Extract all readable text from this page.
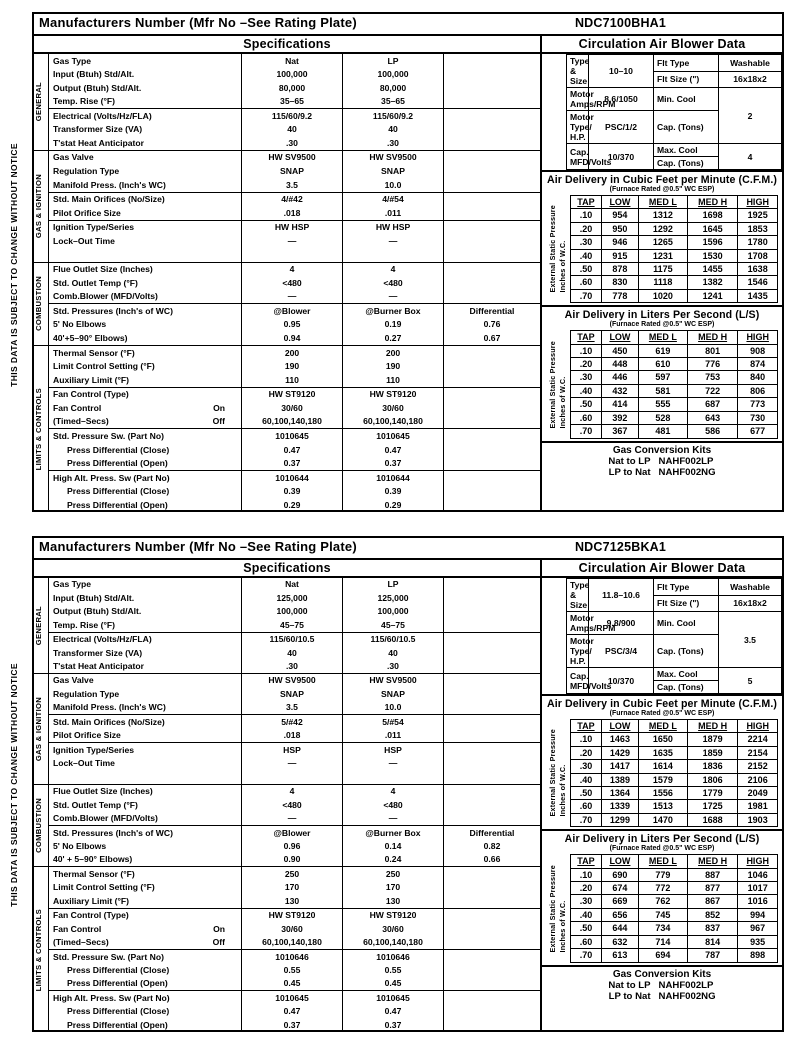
THIS DATA IS SUBJECT TO CHANGE WITHOUT NOTICE
THIS DATA IS SUBJECT TO CHANGE WITHOUT NOTICE
Manufacturers Number (Mfr No –See Rating Plate)	NDC7100BHA1
Specifications
GENERAL	Gas Type	Nat	LP	
	Input (Btuh) Std/Alt.	100,000	100,000	
	Output (Btuh) Std/Alt.	80,000	80,000	
	Temp. Rise (°F)	35–65	35–65	
	Electrical (Volts/Hz/FLA)	115/60/9.2	115/60/9.2	
	Transformer Size (VA)	40	40	
	T'stat Heat Anticipator	.30	.30	

GAS & IGNITION	Gas Valve	HW SV9500	HW SV9500	
	Regulation Type	SNAP	SNAP	
	Manifold Press. (Inch's WC)	3.5	10.0	
	Std. Main Orifices (No/Size)	4/#42	4/#54	
	Pilot Orifice Size	.018	.011	
	Ignition Type/Series	HW HSP	HW HSP	
	Lock–Out Time	—	—	

COMBUSTION	Flue Outlet Size (Inches)	4	4	
	Std. Outlet Temp (°F)	<480	<480	
	Comb.Blower (MFD/Volts)	—	—	
	Std. Pressures (Inch's of WC)	@Blower	@Burner Box	Differential
	5' No Elbows	0.95	0.19	0.76
	40'+5–90° Elbows)	0.94	0.27	0.67

LIMITS & CONTROLS	Thermal Sensor (°F)	200	200	
	Limit Control Setting (°F)	190	190	
	Auxiliary Limit (°F)	110	110	
	Fan Control (Type)	HW ST9120	HW ST9120	
	Fan Control On	30/60	30/60	
	(Timed–Secs) Off	60,100,140,180	60,100,140,180	
	Std. Pressure Sw. (Part No)	1010645	1010645	
	Press Differential (Close)	0.47	0.47	
	Press Differential (Open)	0.37	0.37	
	High Alt. Press. Sw (Part No)	1010644	1010644	
	Press Differential (Close)	0.39	0.39	
	Press Differential (Open)	0.29	0.29	
Circulation Air Blower Data
	Type & Size	10–10	Flt Type	Washable
			Flt Size (")	16x18x2
	Motor Amps/RPM	8.6/1050	Min. Cool	2
	Motor Type/ H.P.	PSC/1/2	Cap. (Tons)	
	Cap. MFD/Volts	10/370	Max. Cool	4
			Cap. (Tons)	
Air Delivery in Cubic Feet per Minute (C.F.M.)
(Furnace Rated @0.5" WC ESP)
External Static Pressure Inches of W.C.
TAP	LOW	MED L	MED H	HIGH
.10	954	1312	1698	1925
.20	950	1292	1645	1853
.30	946	1265	1596	1780
.40	915	1231	1530	1708
.50	878	1175	1455	1638
.60	830	1118	1382	1546
.70	778	1020	1241	1435
Air Delivery in Liters Per Second (L/S)
(Furnace Rated @0.5" WC ESP)
External Static Pressure Inches of W.C.
TAP	LOW	MED L	MED H	HIGH
.10	450	619	801	908
.20	448	610	776	874
.30	446	597	753	840
.40	432	581	722	806
.50	414	555	687	773
.60	392	528	643	730
.70	367	481	586	677
Gas Conversion Kits
Nat to LP	NAHF002LP
LP to Nat	NAHF002NG
Manufacturers Number (Mfr No –See Rating Plate)	NDC7125BKA1
Specifications
GENERAL	Gas Type	Nat	LP	
	Input (Btuh) Std/Alt.	125,000	125,000	
	Output (Btuh) Std/Alt.	100,000	100,000	
	Temp. Rise (°F)	45–75	45–75	
	Electrical (Volts/Hz/FLA)	115/60/10.5	115/60/10.5	
	Transformer Size (VA)	40	40	
	T'stat Heat Anticipator	.30	.30	

GAS & IGNITION	Gas Valve	HW SV9500	HW SV9500	
	Regulation Type	SNAP	SNAP	
	Manifold Press. (Inch's WC)	3.5	10.0	
	Std. Main Orifices (No/Size)	5/#42	5/#54	
	Pilot Orifice Size	.018	.011	
	Ignition Type/Series	HSP	HSP	
	Lock–Out Time	—	—	

COMBUSTION	Flue Outlet Size (Inches)	4	4	
	Std. Outlet Temp (°F)	<480	<480	
	Comb.Blower (MFD/Volts)	—	—	
	Std. Pressures (Inch's of WC)	@Blower	@Burner Box	Differential
	5' No Elbows	0.96	0.14	0.82
	40' + 5–90° Elbows)	0.90	0.24	0.66

LIMITS & CONTROLS	Thermal Sensor (°F)	250	250	
	Limit Control Setting (°F)	170	170	
	Auxiliary Limit (°F)	130	130	
	Fan Control (Type)	HW ST9120	HW ST9120	
	Fan Control On	30/60	30/60	
	(Timed–Secs) Off	60,100,140,180	60,100,140,180	
	Std. Pressure Sw. (Part No)	1010646	1010646	
	Press Differential (Close)	0.55	0.55	
	Press Differential (Open)	0.45	0.45	
	High Alt. Press. Sw (Part No)	1010645	1010645	
	Press Differential (Close)	0.47	0.47	
	Press Differential (Open)	0.37	0.37	
Circulation Air Blower Data
	Type & Size	11.8–10.6	Flt Type	Washable
			Flt Size (")	16x18x2
	Motor Amps/RPM	9.8/900	Min. Cool	3.5
	Motor Type/ H.P.	PSC/3/4	Cap. (Tons)	
	Cap. MFD/Volts	10/370	Max. Cool	5
			Cap. (Tons)	
Air Delivery in Cubic Feet per Minute (C.F.M.)
(Furnace Rated @0.5" WC ESP)
External Static Pressure Inches of W.C.
TAP	LOW	MED L	MED H	HIGH
.10	1463	1650	1879	2214
.20	1429	1635	1859	2154
.30	1417	1614	1836	2152
.40	1389	1579	1806	2106
.50	1364	1556	1779	2049
.60	1339	1513	1725	1981
.70	1299	1470	1688	1903
Air Delivery in Liters Per Second (L/S)
(Furnace Rated @0.5" WC ESP)
External Static Pressure Inches of W.C.
TAP	LOW	MED L	MED H	HIGH
.10	690	779	887	1046
.20	674	772	877	1017
.30	669	762	867	1016
.40	656	745	852	994
.50	644	734	837	967
.60	632	714	814	935
.70	613	694	787	898
Gas Conversion Kits
Nat to LP	NAHF002LP
LP to Nat	NAHF002NG
